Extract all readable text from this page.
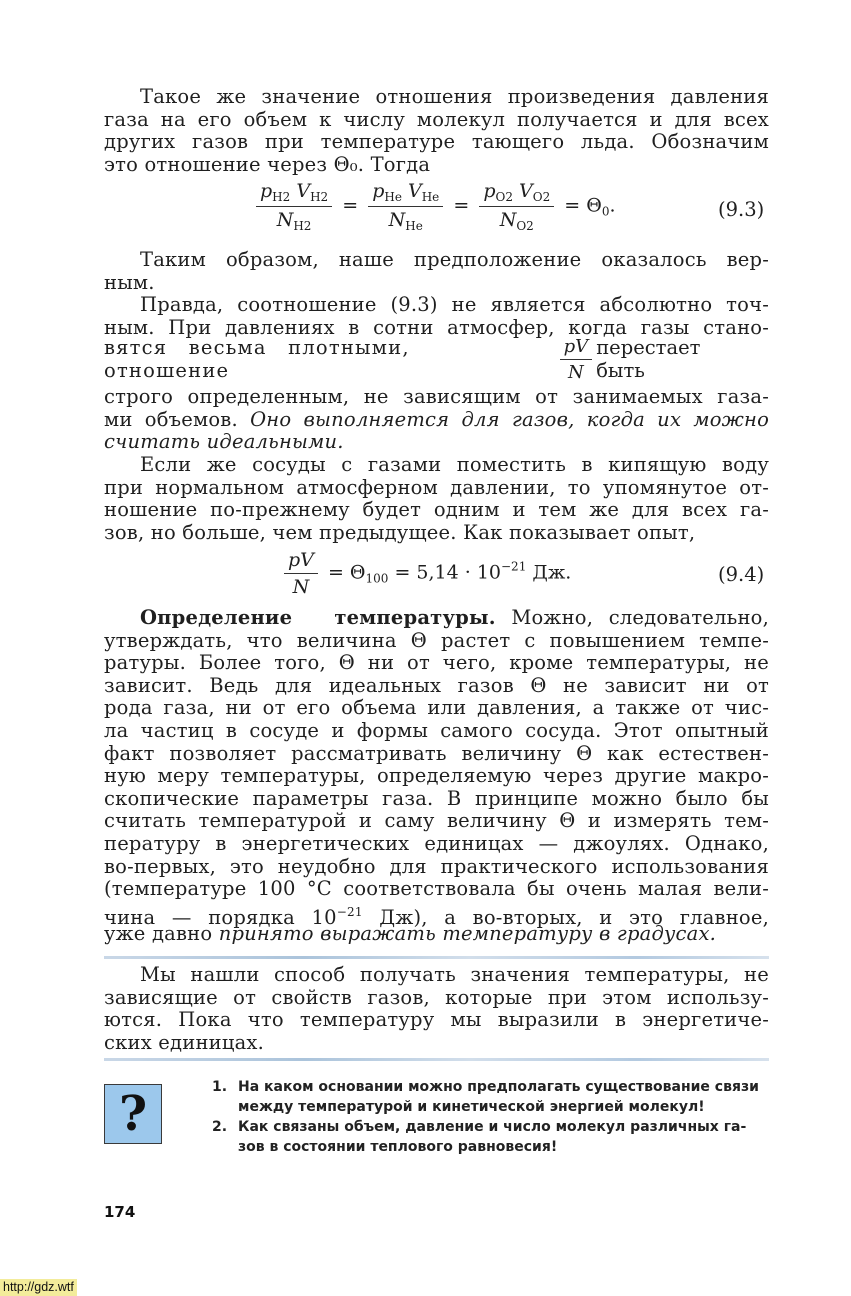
Такое же значение отношения произведения давления
газа на его объем к числу молекул получается и для всех
других газов при температуре тающего льда. Обозначим
это отношение через Θ₀. Тогда
$\frac{p_{H2} V_{H2}}{N_{H2}} = \frac{p_{He} V_{He}}{N_{He}} = \frac{p_{O2} V_{O2}}{N_{O2}} = \Theta_0$.	(9.3)
Таким образом, наше предположение оказалось вер-
ным.
Правда, соотношение (9.3) не является абсолютно точ-
ным. При давлениях в сотни атмосфер, когда газы стано-
вятся весьма плотными, отношение	$\frac{pV}{N}$ перестает быть
строго определенным, не зависящим от занимаемых газа-
ми объемов. Оно выполняется для газов, когда их можно
считать идеальными.
Если же сосуды с газами поместить в кипящую воду
при нормальном атмосферном давлении, то упомянутое от-
ношение по-прежнему будет одним и тем же для всех га-
зов, но больше, чем предыдущее. Как показывает опыт,
$\frac{pV}{N} = \Theta_{100} = 5,14 \cdot 10^{-21}$ Дж.	(9.4)
Определение температуры. Можно, следовательно,
утверждать, что величина Θ растет с повышением темпе-
ратуры. Более того, Θ ни от чего, кроме температуры, не
зависит. Ведь для идеальных газов Θ не зависит ни от
рода газа, ни от его объема или давления, а также от чис-
ла частиц в сосуде и формы самого сосуда. Этот опытный
факт позволяет рассматривать величину Θ как естествен-
ную меру температуры, определяемую через другие макро-
скопические параметры газа. В принципе можно было бы
считать температурой и саму величину Θ и измерять тем-
пературу в энергетических единицах — джоулях. Однако,
во-первых, это неудобно для практического использования
(температуре 100 °C соответствовала бы очень малая вели-
чина — порядка $10^{-21}$ Дж), а во-вторых, и это главное,
уже давно принято выражать температуру в градусах.
Мы нашли способ получать значения температуры, не
зависящие от свойств газов, которые при этом использу-
ются. Пока что температуру мы выразили в энергетиче-
ских единицах.
?	1. На каком основании можно предполагать существование связи
между температурой и кинетической энергией молекул!
2. Как связаны объем, давление и число молекул различных га-
зов в состоянии теплового равновесия!
174
http://gdz.wtf
